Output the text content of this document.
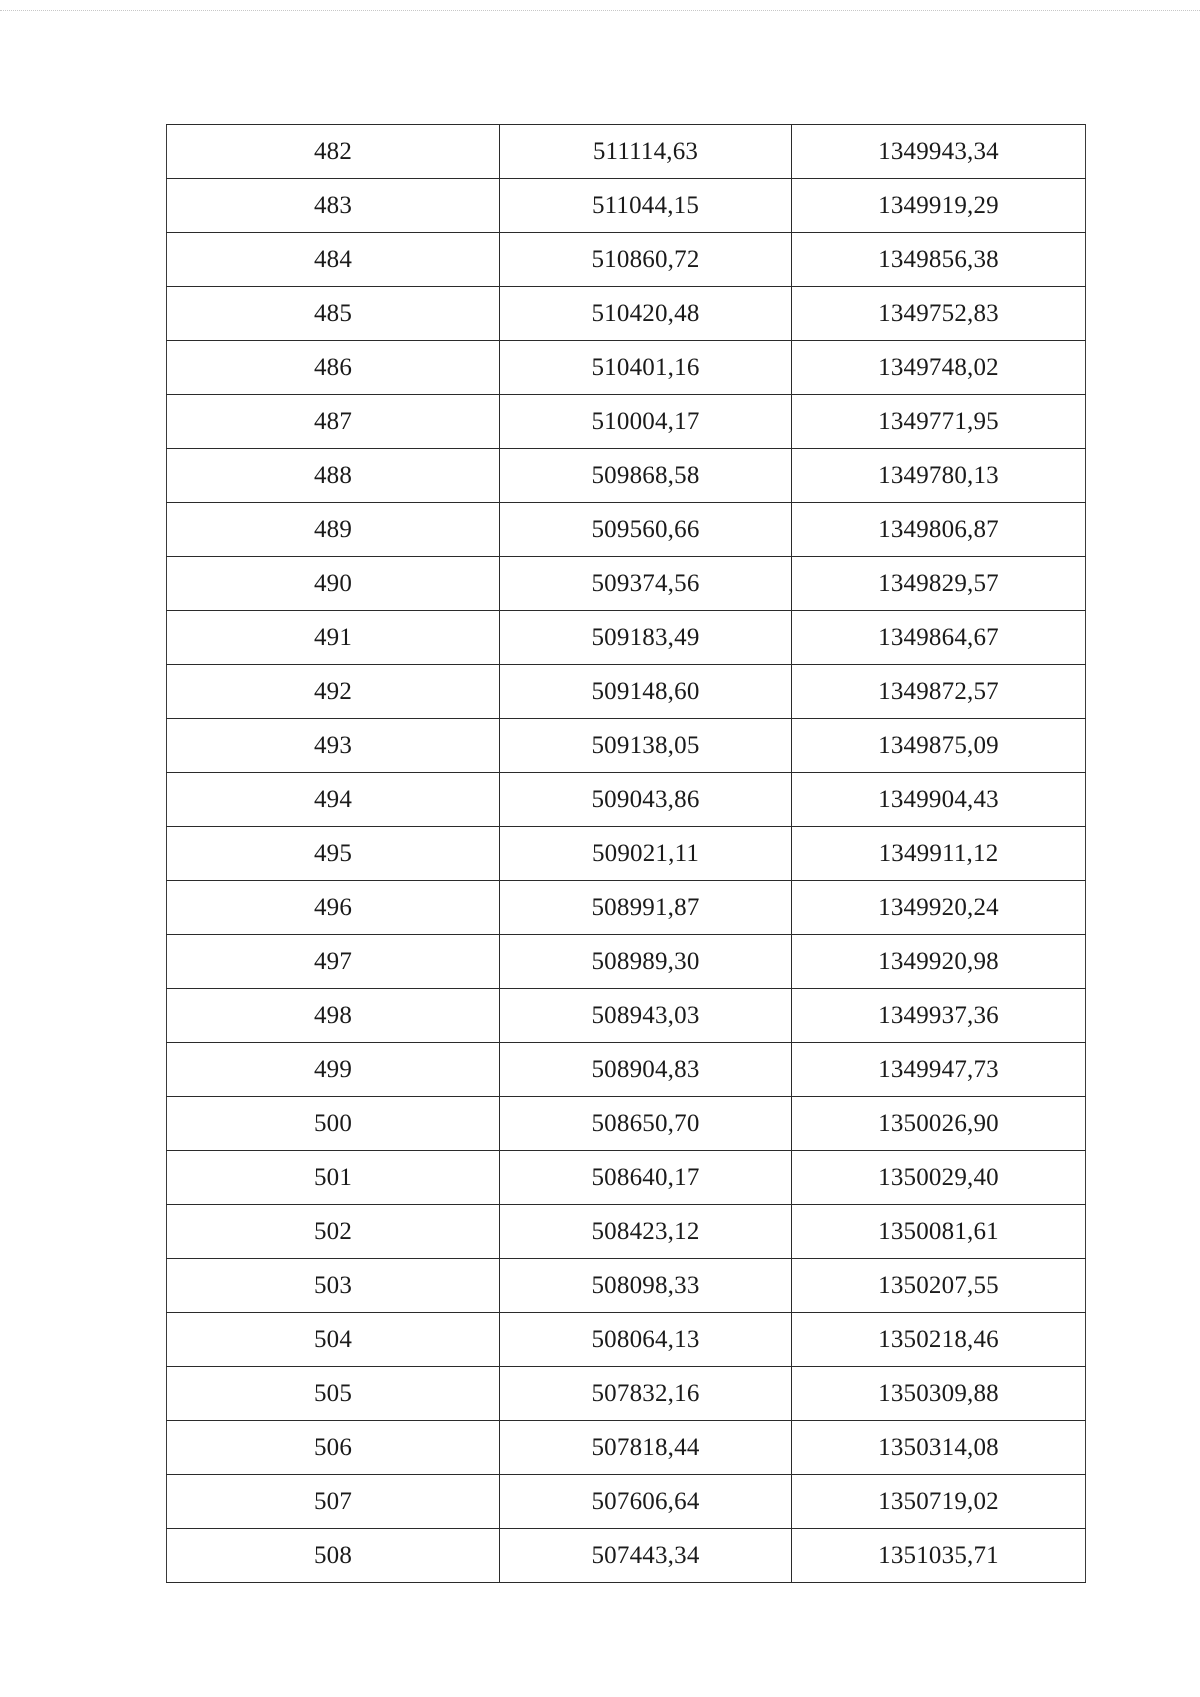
482	511114,63	1349943,34
483	511044,15	1349919,29
484	510860,72	1349856,38
485	510420,48	1349752,83
486	510401,16	1349748,02
487	510004,17	1349771,95
488	509868,58	1349780,13
489	509560,66	1349806,87
490	509374,56	1349829,57
491	509183,49	1349864,67
492	509148,60	1349872,57
493	509138,05	1349875,09
494	509043,86	1349904,43
495	509021,11	1349911,12
496	508991,87	1349920,24
497	508989,30	1349920,98
498	508943,03	1349937,36
499	508904,83	1349947,73
500	508650,70	1350026,90
501	508640,17	1350029,40
502	508423,12	1350081,61
503	508098,33	1350207,55
504	508064,13	1350218,46
505	507832,16	1350309,88
506	507818,44	1350314,08
507	507606,64	1350719,02
508	507443,34	1351035,71
